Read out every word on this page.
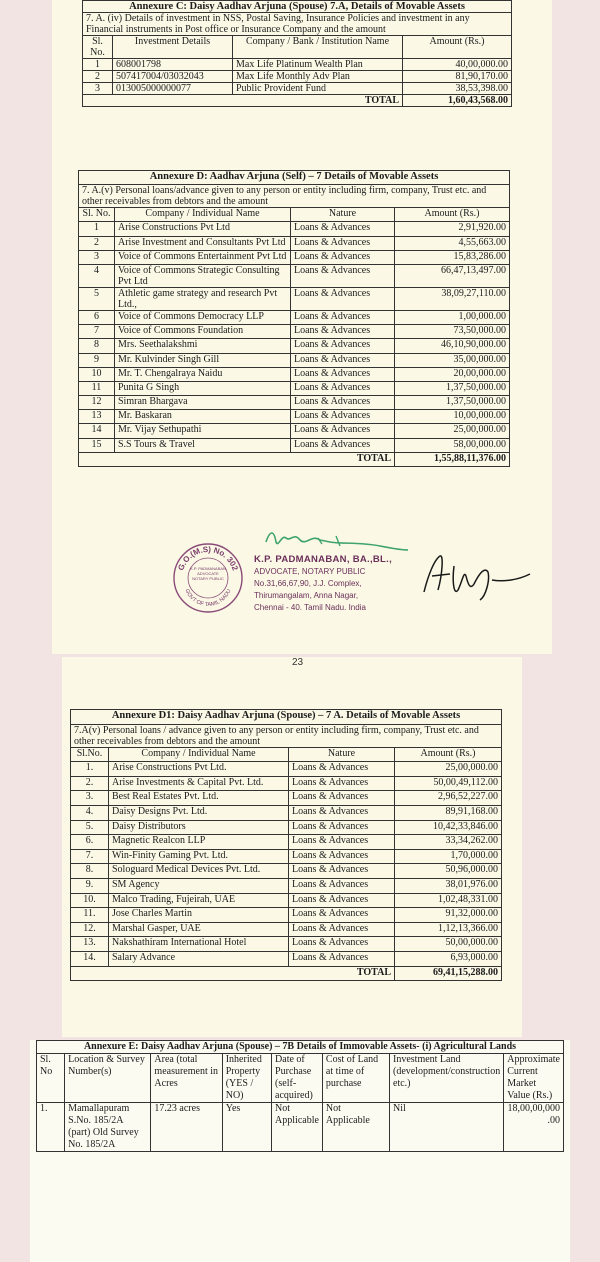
Annexure C: Daisy Aadhav Arjuna (Spouse) 7.A, Details of Movable Assets			
7. A. (iv) Details of investment in NSS, Postal Saving, Insurance Policies and investment in any Financial instruments in Post office or Insurance Company and the amount			
Sl. No.	Investment Details	Company / Bank / Institution Name	Amount (Rs.)
1	608001798	Max Life Platinum Wealth Plan	40,00,000.00
2	507417004/03032043	Max Life Monthly Adv Plan	81,90,170.00
3	013005000000077	Public Provident Fund	38,53,398.00
TOTAL			1,60,43,568.00
Annexure D: Aadhav Arjuna (Self) – 7 Details of Movable Assets			
7. A.(v) Personal loans/advance given to any person or entity including firm, company, Trust etc. and other receivables from debtors and the amount			
Sl. No.	Company / Individual Name	Nature	Amount (Rs.)
1	Arise Constructions Pvt Ltd	Loans & Advances	2,91,920.00
2	Arise Investment and Consultants Pvt Ltd	Loans & Advances	4,55,663.00
3	Voice of Commons Entertainment Pvt Ltd	Loans & Advances	15,83,286.00
4	Voice of Commons Strategic Consulting Pvt Ltd	Loans & Advances	66,47,13,497.00
5	Athletic game strategy and research Pvt Ltd.,	Loans & Advances	38,09,27,110.00
6	Voice of Commons Democracy LLP	Loans & Advances	1,00,000.00
7	Voice of Commons Foundation	Loans & Advances	73,50,000.00
8	Mrs. Seethalakshmi	Loans & Advances	46,10,90,000.00
9	Mr. Kulvinder Singh Gill	Loans & Advances	35,00,000.00
10	Mr. T. Chengalraya Naidu	Loans & Advances	20,00,000.00
11	Punita G Singh	Loans & Advances	1,37,50,000.00
12	Simran Bhargava	Loans & Advances	1,37,50,000.00
13	Mr. Baskaran	Loans & Advances	10,00,000.00
14	Mr. Vijay Sethupathi	Loans & Advances	25,00,000.00
15	S.S Tours & Travel	Loans & Advances	58,00,000.00
TOTAL			1,55,88,11,376.00
G.O.(M.S) No. 302
GOVT OF TAMIL NADU
K.P. PADMANABAN ADVOCATE NOTARY PUBLIC
K.P. PADMANABAN, BA.,BL.,
ADVOCATE, NOTARY PUBLIC
No.31,66,67,90, J.J. Complex,
Thirumangalam, Anna Nagar,
Chennai - 40. Tamil Nadu. India
23
Annexure D1: Daisy Aadhav Arjuna (Spouse) – 7 A. Details of Movable Assets			
7.A(v) Personal loans / advance given to any person or entity including firm, company, Trust etc. and other receivables from debtors and the amount			
Sl.No.	Company / Individual Name	Nature	Amount (Rs.)
1.	Arise Constructions Pvt Ltd.	Loans & Advances	25,00,000.00
2.	Arise Investments & Capital Pvt. Ltd.	Loans & Advances	50,00,49,112.00
3.	Best Real Estates Pvt. Ltd.	Loans & Advances	2,96,52,227.00
4.	Daisy Designs Pvt. Ltd.	Loans & Advances	89,91,168.00
5.	Daisy Distributors	Loans & Advances	10,42,33,846.00
6.	Magnetic Realcon LLP	Loans & Advances	33,34,262.00
7.	Win-Finity Gaming Pvt. Ltd.	Loans & Advances	1,70,000.00
8.	Sologuard Medical Devices Pvt. Ltd.	Loans & Advances	50,96,000.00
9.	SM Agency	Loans & Advances	38,01,976.00
10.	Malco Trading, Fujeirah, UAE	Loans & Advances	1,02,48,331.00
11.	Jose Charles Martin	Loans & Advances	91,32,000.00
12.	Marshal Gasper, UAE	Loans & Advances	1,12,13,366.00
13.	Nakshathiram International Hotel	Loans & Advances	50,00,000.00
14.	Salary Advance	Loans & Advances	6,93,000.00
TOTAL			69,41,15,288.00
Annexure E: Daisy Aadhav Arjuna (Spouse) – 7B Details of Immovable Assets- (i) Agricultural Lands							
Sl. No	Location & Survey Number(s)	Area (total measurement in Acres	Inherited Property (YES / NO)	Date of Purchase (self-acquired)	Cost of Land at time of purchase	Investment Land (development/construction etc.)	Approximate Current Market Value (Rs.)
1.	Mamallapuram S.No. 185/2A (part) Old Survey No. 185/2A	17.23 acres	Yes	Not Applicable	Not Applicable	Nil	18,00,00,000 .00
